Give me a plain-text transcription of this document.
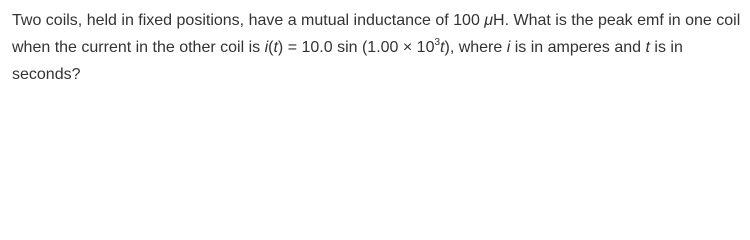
Two coils, held in fixed positions, have a mutual inductance of 100 μH. What is the peak emf in one coil when the current in the other coil is i(t) = 10.0 $\sin (1.00 \times 10^3t)$, where i is in amperes and t is in seconds?
